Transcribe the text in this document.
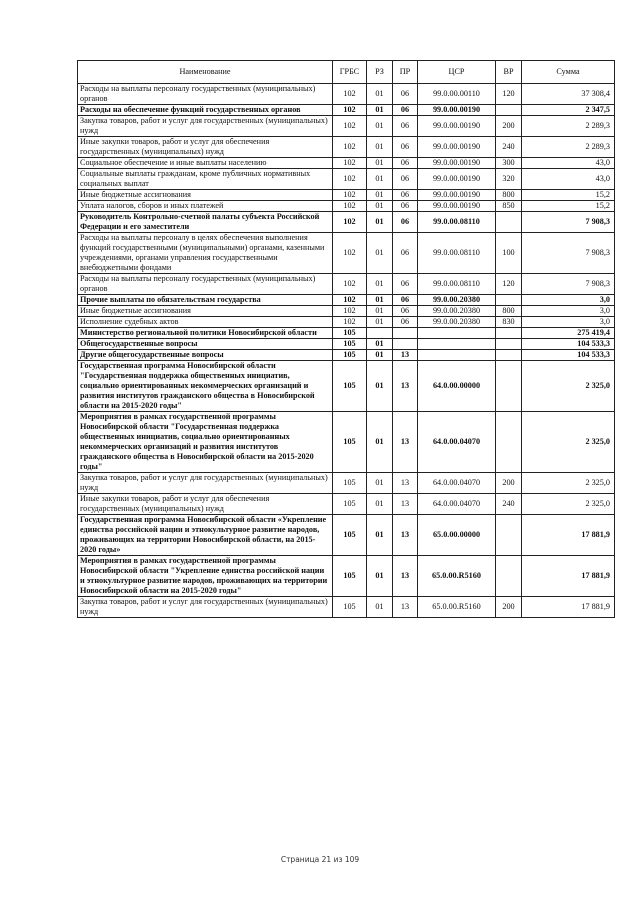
Наименование	ГРБС	РЗ	ПР	ЦСР	ВР	Сумма
Расходы на выплаты персоналу государственных (муниципальных) органов	102	01	06	99.0.00.00110	120	37 308,4
Расходы на обеспечение функций государственных органов	102	01	06	99.0.00.00190		2 347,5
Закупка товаров, работ и услуг для государственных (муниципальных) нужд	102	01	06	99.0.00.00190	200	2 289,3
Иные закупки товаров, работ и услуг для обеспечения государственных (муниципальных) нужд	102	01	06	99.0.00.00190	240	2 289,3
Социальное обеспечение и иные выплаты населению	102	01	06	99.0.00.00190	300	43,0
Социальные выплаты гражданам, кроме публичных нормативных социальных выплат	102	01	06	99.0.00.00190	320	43,0
Иные бюджетные ассигнования	102	01	06	99.0.00.00190	800	15,2
Уплата налогов, сборов и иных платежей	102	01	06	99.0.00.00190	850	15,2
Руководитель Контрольно-счетной палаты субъекта Российской Федерации и его заместители	102	01	06	99.0.00.08110		7 908,3
Расходы на выплаты персоналу в целях обеспечения выполнения функций государственными (муниципальными) органами, казенными учреждениями, органами управления государственными внебюджетными фондами	102	01	06	99.0.00.08110	100	7 908,3
Расходы на выплаты персоналу государственных (муниципальных) органов	102	01	06	99.0.00.08110	120	7 908,3
Прочие выплаты по обязательствам государства	102	01	06	99.0.00.20380		3,0
Иные бюджетные ассигнования	102	01	06	99.0.00.20380	800	3,0
Исполнение судебных актов	102	01	06	99.0.00.20380	830	3,0
Министерство региональной политики Новосибирской области	105					275 419,4
Общегосударственные вопросы	105	01				104 533,3
Другие общегосударственные вопросы	105	01	13			104 533,3
Государственная программа Новосибирской области "Государственная поддержка общественных инициатив, социально ориентированных некоммерческих организаций и развития институтов гражданского общества в Новосибирской области на 2015-2020 годы"	105	01	13	64.0.00.00000		2 325,0
Мероприятия в рамках государственной программы Новосибирской области "Государственная поддержка общественных инициатив, социально ориентированных некоммерческих организаций и развития институтов гражданского общества в Новосибирской области на 2015-2020 годы"	105	01	13	64.0.00.04070		2 325,0
Закупка товаров, работ и услуг для государственных (муниципальных) нужд	105	01	13	64.0.00.04070	200	2 325,0
Иные закупки товаров, работ и услуг для обеспечения государственных (муниципальных) нужд	105	01	13	64.0.00.04070	240	2 325,0
Государственная программа Новосибирской области «Укрепление единства российской нации и этнокультурное развитие народов, проживающих на территории Новосибирской области, на 2015-2020 годы»	105	01	13	65.0.00.00000		17 881,9
Мероприятия в рамках государственной программы Новосибирской области "Укрепление единства российской нации и этнокультурное развитие народов, проживающих на территории Новосибирской области на 2015-2020 годы"	105	01	13	65.0.00.R5160		17 881,9
Закупка товаров, работ и услуг для государственных (муниципальных) нужд	105	01	13	65.0.00.R5160	200	17 881,9
Страница 21 из 109
